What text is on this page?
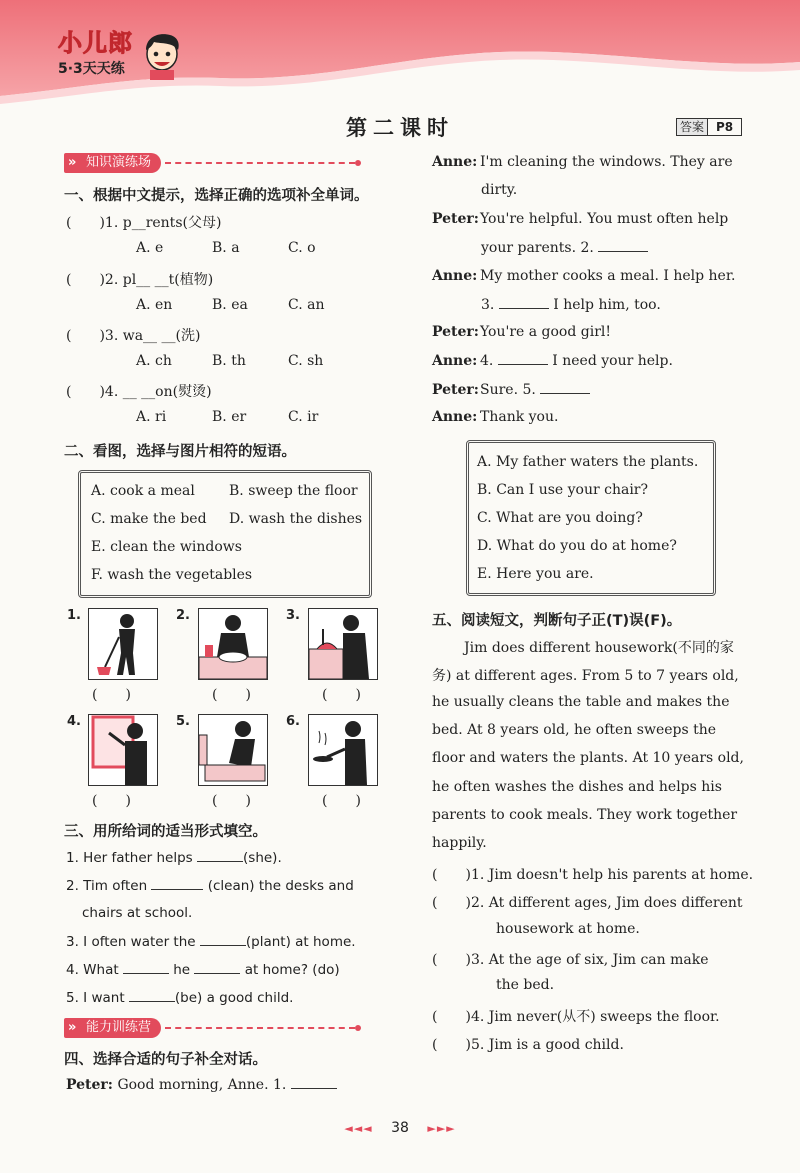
小儿郎
5·3天天练
第二课时	答案	P8
» 知识演练场
一、根据中文提示，选择正确的选项补全单词。
(　　)1. p__rents(父母)
A. e	B. a	C. o
(　　)2. pl__ __t(植物)
A. en	B. ea	C. an
(　　)3. wa__ __(洗)
A. ch	B. th	C. sh
(　　)4. __ __on(熨烫)
A. ri	B. er	C. ir
二、看图，选择与图片相符的短语。
A. cook a meal B. sweep the floor
C. make the bed D. wash the dishes
E. clean the windows
F. wash the vegetables
1.
(　　)
2.
(　　)
3.
(　　)
4.
(　　)
5.
(　　)
6.
(　　)
三、用所给词的适当形式填空。
1. Her father helps	(she).
2. Tim often	(clean) the desks and
chairs at school.
3. I often water the	(plant) at home.
4. What	he	at home? (do)
5. I want	(be) a good child.
» 能力训练营
四、选择合适的句子补全对话。
Peter: Good morning, Anne. 1.
Anne: I'm cleaning the windows. They are
dirty.
Peter:You're helpful. You must often help
your parents. 2.
Anne: My mother cooks a meal. I help her.
3.	I help him, too.
Peter:You're a good girl!
Anne: 4.	I need your help.
Peter:Sure. 5.
Anne: Thank you.
A. My father waters the plants.
B. Can I use your chair?
C. What are you doing?
D. What do you do at home?
E. Here you are.
五、阅读短文，判断句子正(T)误(F)。
Jim does different housework(不同的家
务) at different ages. From 5 to 7 years old,
he usually cleans the table and makes the
bed. At 8 years old, he often sweeps the
floor and waters the plants. At 10 years old,
he often washes the dishes and helps his
parents to cook meals. They work together
happily.
(　　)1. Jim doesn't help his parents at home.
(　　)2. At different ages, Jim does different
housework at home.
(　　)3. At the age of six, Jim can make
the bed.
(　　)4. Jim never(从不) sweeps the floor.
(　　)5. Jim is a good child.
◄◄◄ 38 ►►►
